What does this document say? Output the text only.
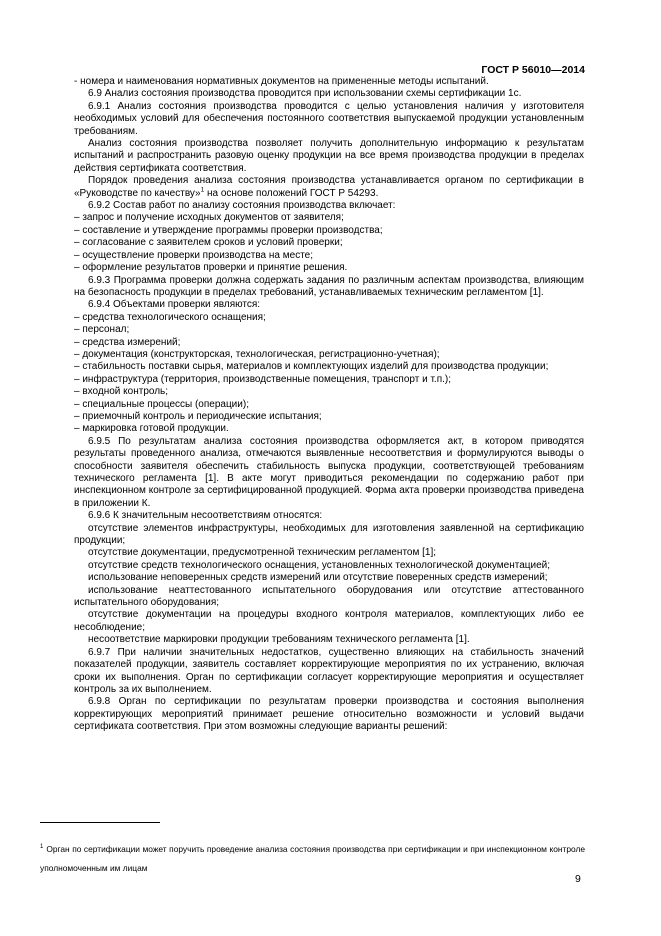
ГОСТ Р 56010—2014

- номера и наименования нормативных документов на примененные методы испытаний.

6.9 Анализ состояния производства проводится при использовании схемы сертификации 1с.

6.9.1 Анализ состояния производства проводится с целью установления наличия у изготовителя необходимых условий для обеспечения постоянного соответствия выпускаемой продукции установленным требованиям.

Анализ состояния производства позволяет получить дополнительную информацию к результатам испытаний и распространить разовую оценку продукции на все время производства продукции в пределах действия сертификата соответствия.

Порядок проведения анализа состояния производства устанавливается органом по сертификации в «Руководстве по качеству»$^1$ на основе положений ГОСТ Р 54293.

6.9.2 Состав работ по анализу состояния производства включает:

– запрос и получение исходных документов от заявителя;

– составление и утверждение программы проверки производства;

– согласование с заявителем сроков и условий проверки;

– осуществление проверки производства на месте;

– оформление результатов проверки и принятие решения.

6.9.3 Программа проверки должна содержать задания по различным аспектам производства, влияющим на безопасность продукции в пределах требований, устанавливаемых техническим регламентом [1].

6.9.4 Объектами проверки являются:

– средства технологического оснащения;

– персонал;

– средства измерений;

– документация (конструкторская, технологическая, регистрационно-учетная);

– стабильность поставки сырья, материалов и комплектующих изделий для производства продукции;

– инфраструктура (территория, производственные помещения, транспорт и т.п.);

– входной контроль;

– специальные процессы (операции);

– приемочный контроль и периодические испытания;

– маркировка готовой продукции.

6.9.5 По результатам анализа состояния производства оформляется акт, в котором приводятся результаты проведенного анализа, отмечаются выявленные несоответствия и формулируются выводы о способности заявителя обеспечить стабильность выпуска продукции, соответствующей требованиям технического регламента [1]. В акте могут приводиться рекомендации по содержанию работ при инспекционном контроле за сертифицированной продукцией. Форма акта проверки производства приведена в приложении К.

6.9.6 К значительным несоответствиям относятся:

отсутствие элементов инфраструктуры, необходимых для изготовления заявленной на сертификацию продукции;

отсутствие документации, предусмотренной техническим регламентом [1];

отсутствие средств технологического оснащения, установленных технологической документацией;

использование неповеренных средств измерений или отсутствие поверенных средств измерений;

использование неаттестованного испытательного оборудования или отсутствие аттестованного испытательного оборудования;

отсутствие документации на процедуры входного контроля материалов, комплектующих либо ее несоблюдение;

несоответствие маркировки продукции требованиям технического регламента [1].

6.9.7 При наличии значительных недостатков, существенно влияющих на стабильность значений показателей продукции, заявитель составляет корректирующие мероприятия по их устранению, включая сроки их выполнения. Орган по сертификации согласует корректирующие мероприятия и осуществляет контроль за их выполнением.

6.9.8 Орган по сертификации по результатам проверки производства и состояния выполнения корректирующих мероприятий принимает решение относительно возможности и условий выдачи сертификата соответствия. При этом возможны следующие варианты решений:

$^1$ Орган по сертификации может поручить проведение анализа состояния производства при сертификации и при инспекционном контроле уполномоченным им лицам
9
